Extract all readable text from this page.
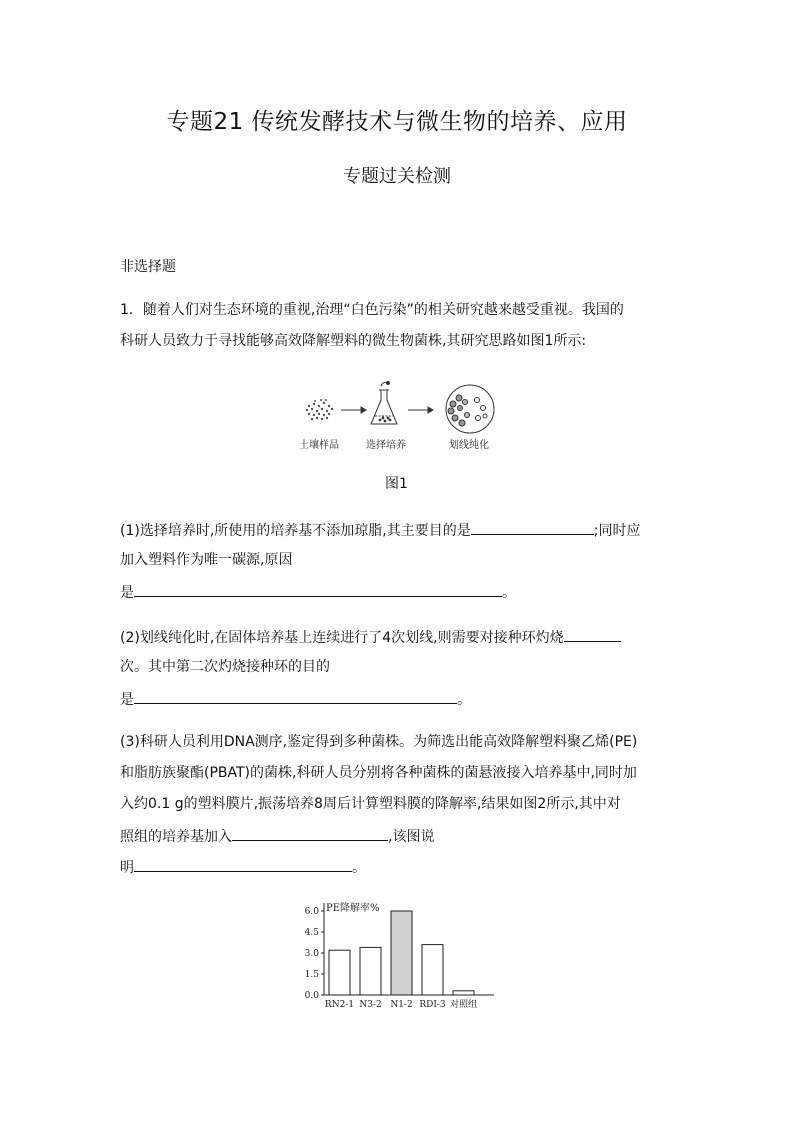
专题21 传统发酵技术与微生物的培养、应用
专题过关检测
非选择题
1．随着人们对生态环境的重视,治理“白色污染”的相关研究越来越受重视。我国的
科研人员致力于寻找能够高效降解塑料的微生物菌株,其研究思路如图1所示:
土壤样品	选择培养	划线纯化
图1
(1)选择培养时,所使用的培养基不添加琼脂,其主要目的是	;同时应
加入塑料作为唯一碳源,原因
是	。
(2)划线纯化时,在固体培养基上连续进行了4次划线,则需要对接种环灼烧
次。其中第二次灼烧接种环的目的
是	。
(3)科研人员利用DNA测序,鉴定得到多种菌株。为筛选出能高效降解塑料聚乙烯(PE)
和脂肪族聚酯(PBAT)的菌株,科研人员分别将各种菌株的菌悬液接入培养基中,同时加
入约0.1 g的塑料膜片,振荡培养8周后计算塑料膜的降解率,结果如图2所示,其中对
照组的培养基加入	,该图说
明	。
PE降解率%
0.0
1.5
3.0
4.5
6.0
RN2-1 N3-2 N1-2 RDI-3 对照组
